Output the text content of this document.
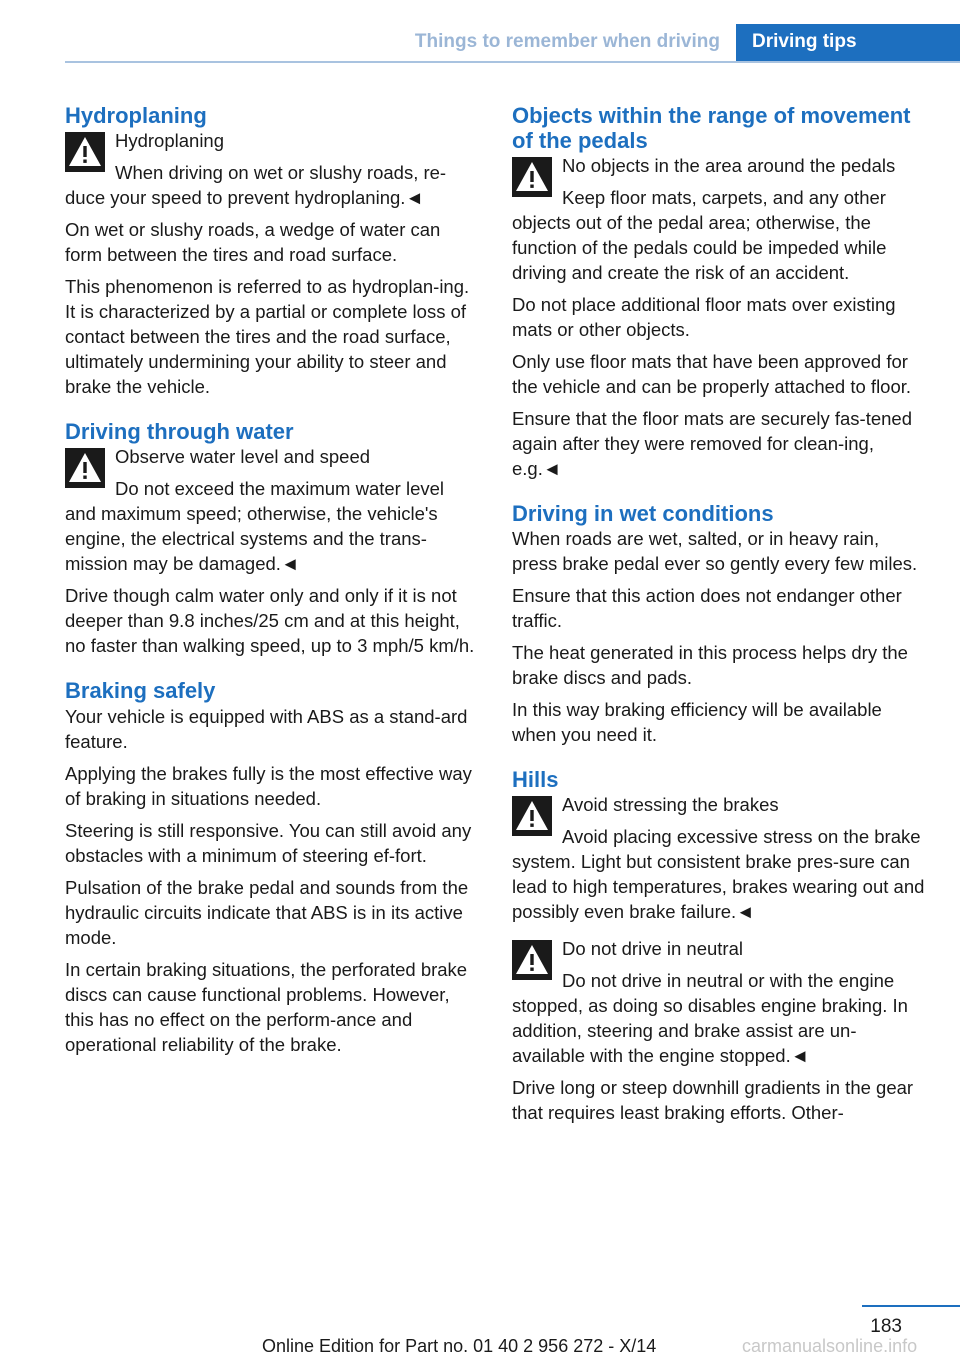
Things to remember when driving Driving tips
Hydroplaning
Hydroplaning
When driving on wet or slushy roads, re-duce your speed to prevent hydroplaning.◄

On wet or slushy roads, a wedge of water can form between the tires and road surface.

This phenomenon is referred to as hydroplan-ing. It is characterized by a partial or complete loss of contact between the tires and the road surface, ultimately undermining your ability to steer and brake the vehicle.

Driving through water
Observe water level and speed
Do not exceed the maximum water level and maximum speed; otherwise, the vehicle's engine, the electrical systems and the trans-mission may be damaged.◄

Drive though calm water only and only if it is not deeper than 9.8 inches/25 cm and at this height, no faster than walking speed, up to 3 mph/5 km/h.

Braking safely

Your vehicle is equipped with ABS as a stand-ard feature.

Applying the brakes fully is the most effective way of braking in situations needed.

Steering is still responsive. You can still avoid any obstacles with a minimum of steering ef-fort.

Pulsation of the brake pedal and sounds from the hydraulic circuits indicate that ABS is in its active mode.

In certain braking situations, the perforated brake discs can cause functional problems. However, this has no effect on the perform-ance and operational reliability of the brake.

Objects within the range of movement of the pedals
No objects in the area around the pedals
Keep floor mats, carpets, and any other objects out of the pedal area; otherwise, the function of the pedals could be impeded while driving and create the risk of an accident.

Do not place additional floor mats over existing mats or other objects.

Only use floor mats that have been approved for the vehicle and can be properly attached to floor.

Ensure that the floor mats are securely fas-tened again after they were removed for clean-ing, e.g.◄

Driving in wet conditions

When roads are wet, salted, or in heavy rain, press brake pedal ever so gently every few miles.

Ensure that this action does not endanger other traffic.

The heat generated in this process helps dry the brake discs and pads.

In this way braking efficiency will be available when you need it.

Hills
Avoid stressing the brakes
Avoid placing excessive stress on the brake system. Light but consistent brake pres-sure can lead to high temperatures, brakes wearing out and possibly even brake failure.◄
Do not drive in neutral
Do not drive in neutral or with the engine stopped, as doing so disables engine braking. In addition, steering and brake assist are un-available with the engine stopped.◄

Drive long or steep downhill gradients in the gear that requires least braking efforts. Other-

183
Online Edition for Part no. 01 40 2 956 272 - X/14	carmanualsonline.info
